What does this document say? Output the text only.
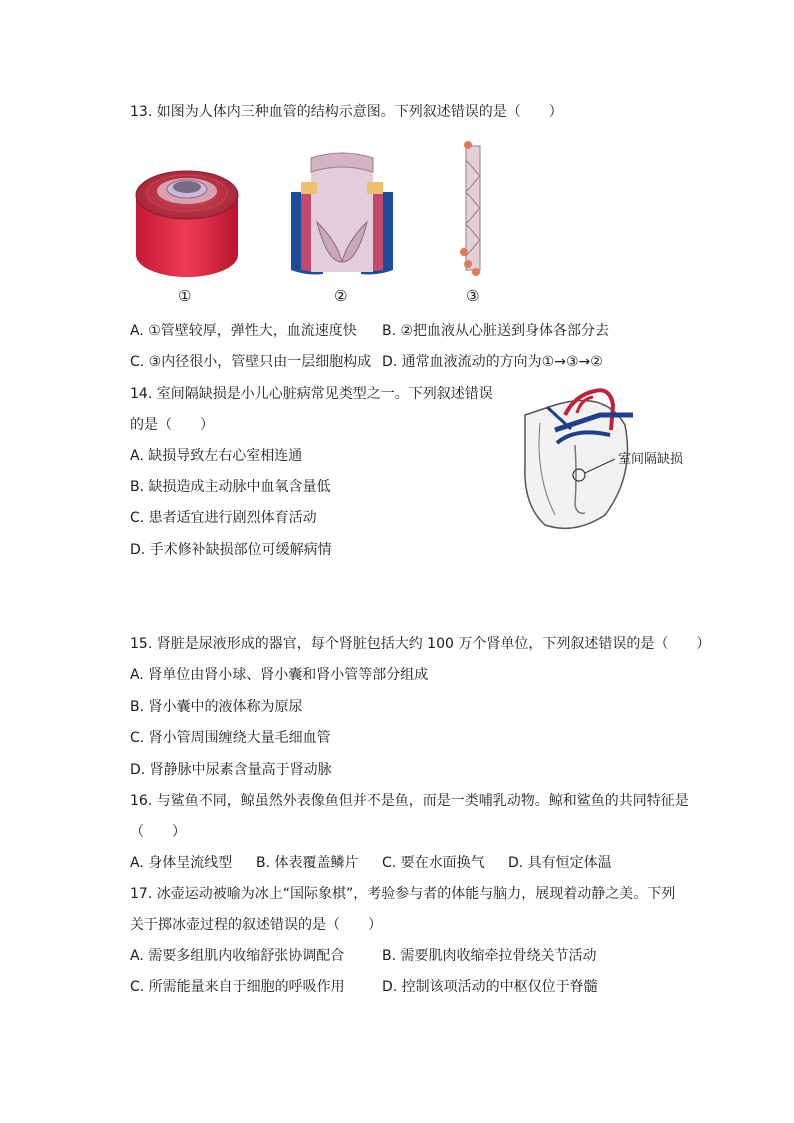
13. 如图为人体内三种血管的结构示意图。下列叙述错误的是（　　）
①	②	③
A. ①管壁较厚，弹性大，血流速度快 B. ②把血液从心脏送到身体各部分去
C. ③内径很小，管壁只由一层细胞构成 D. 通常血液流动的方向为①→③→②
14. 室间隔缺损是小儿心脏病常见类型之一。下列叙述错误
的是（　　）
A. 缺损导致左右心室相连通
B. 缺损造成主动脉中血氧含量低
C. 患者适宜进行剧烈体育活动
D. 手术修补缺损部位可缓解病情
室间隔缺损
15. 肾脏是尿液形成的器官，每个肾脏包括大约 100 万个肾单位，下列叙述错误的是（　　）
A. 肾单位由肾小球、肾小囊和肾小管等部分组成
B. 肾小囊中的液体称为原尿
C. 肾小管周围缠绕大量毛细血管
D. 肾静脉中尿素含量高于肾动脉
16. 与鲨鱼不同，鲸虽然外表像鱼但并不是鱼，而是一类哺乳动物。鲸和鲨鱼的共同特征是
（　　）
A. 身体呈流线型 B. 体表覆盖鳞片 C. 要在水面换气 D. 具有恒定体温
17. 冰壶运动被喻为冰上“国际象棋”，考验参与者的体能与脑力，展现着动静之美。下列
关于掷冰壶过程的叙述错误的是（　　）
A. 需要多组肌内收缩舒张协调配合	B. 需要肌肉收缩牵拉骨绕关节活动
C. 所需能量来自于细胞的呼吸作用	D. 控制该项活动的中枢仅位于脊髓
